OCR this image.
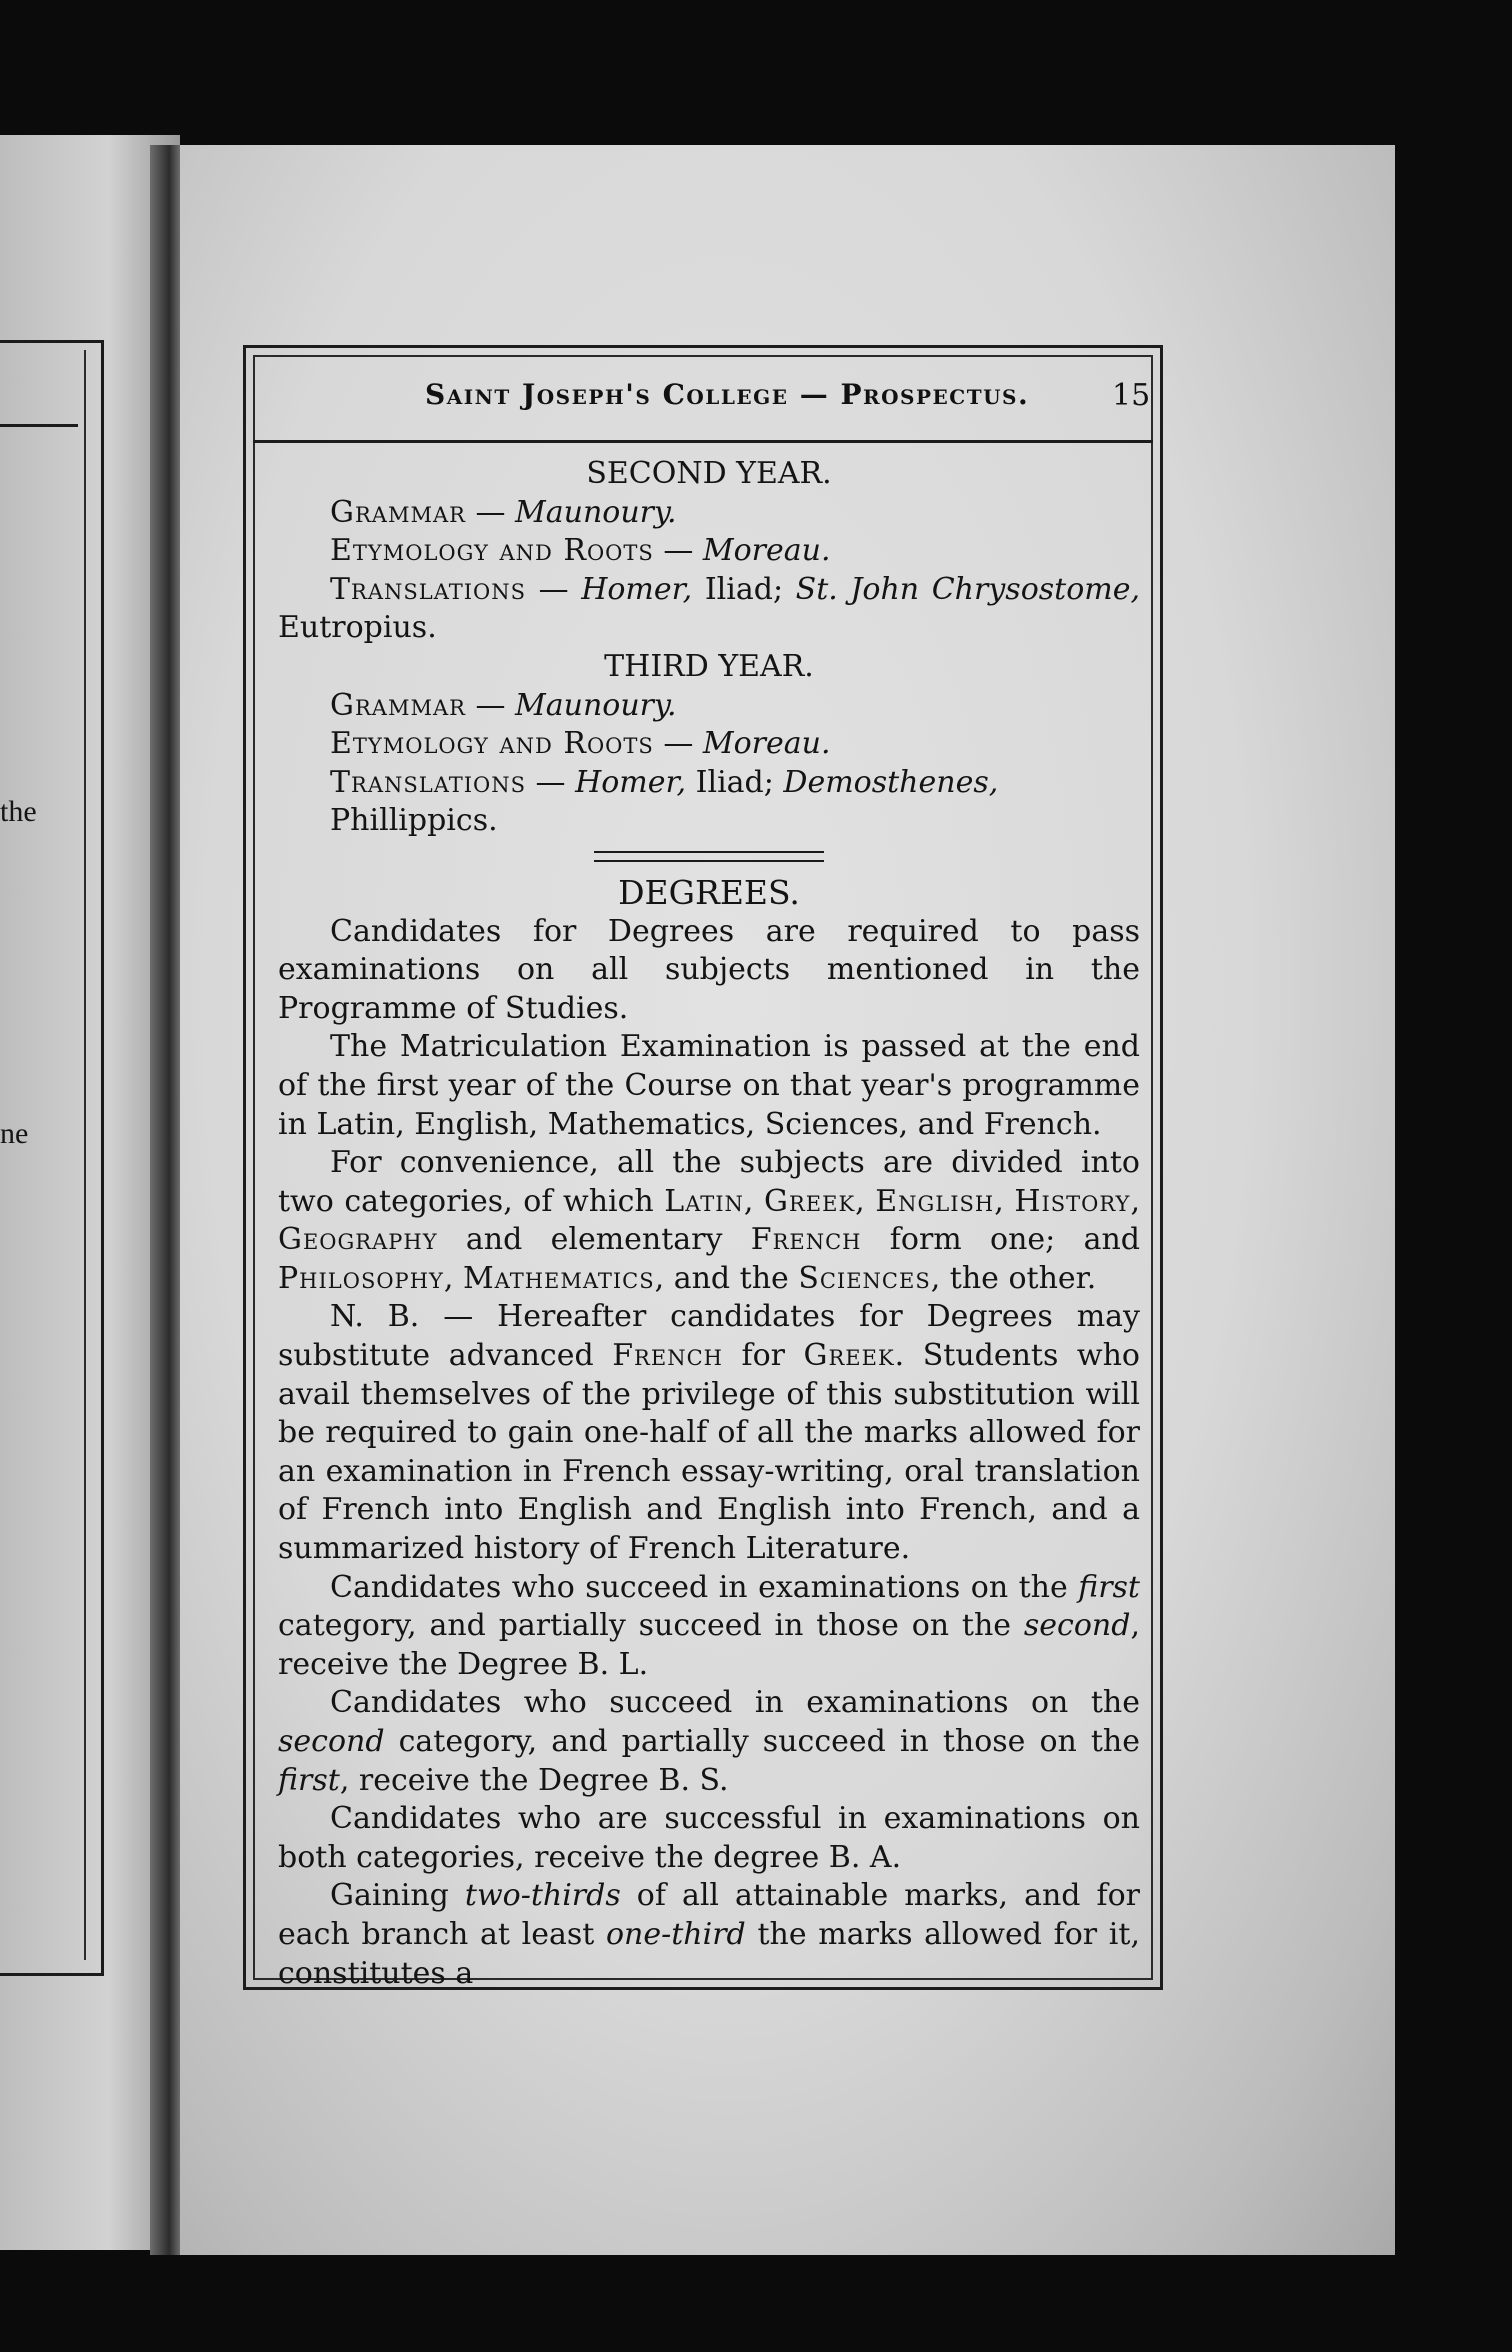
the
ne
Saint Joseph's College — Prospectus.	15

SECOND YEAR.

Grammar — Maunoury.

Etymology and Roots — Moreau.

Translations — Homer, Iliad; St. John Chrysostome, Eutropius.

THIRD YEAR.

Grammar — Maunoury.

Etymology and Roots — Moreau.

Translations — Homer, Iliad; Demosthenes, Phillippics.

DEGREES.

Candidates for Degrees are required to pass examinations on all subjects mentioned in the Programme of Studies.

The Matriculation Examination is passed at the end of the first year of the Course on that year's programme in Latin, English, Mathematics, Sciences, and French.

For convenience, all the subjects are divided into two categories, of which Latin, Greek, English, History, Geography and elementary French form one; and Philosophy, Mathematics, and the Sciences, the other.

N. B. — Hereafter candidates for Degrees may substitute advanced French for Greek. Students who avail themselves of the privilege of this substitution will be required to gain one-half of all the marks allowed for an examination in French essay-writing, oral translation of French into English and English into French, and a summarized history of French Literature.

Candidates who succeed in examinations on the first category, and partially succeed in those on the second, receive the Degree B. L.

Candidates who succeed in examinations on the second category, and partially succeed in those on the first, receive the Degree B. S.

Candidates who are successful in examinations on both categories, receive the degree B. A.

Gaining two-thirds of all attainable marks, and for each branch at least one-third the marks allowed for it, constitutes a
